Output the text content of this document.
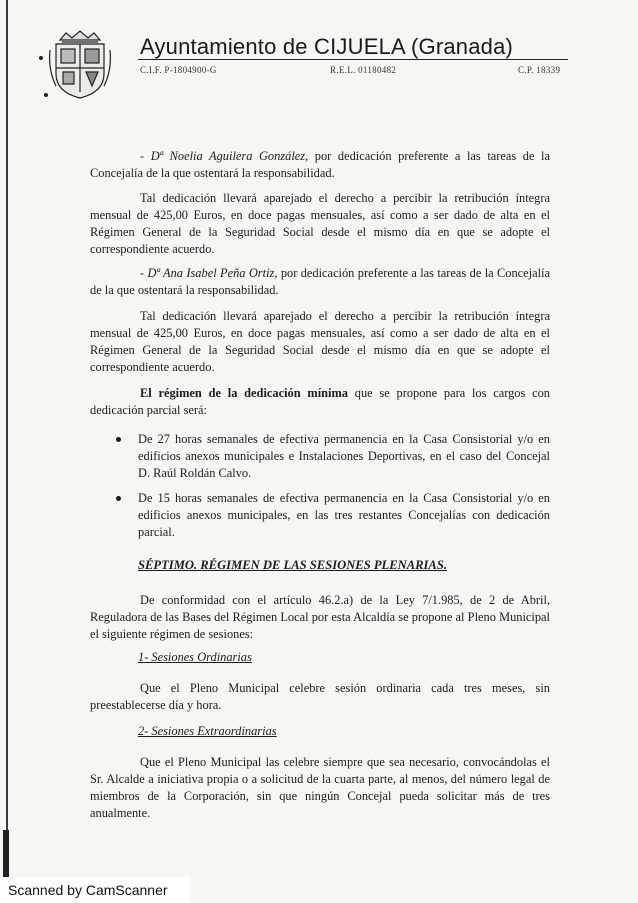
Ayuntamiento de CIJUELA (Granada)
C.I.F. P-1804900-G	R.E.L. 01180482	C.P. 18339

- Dª Noelia Aguilera González, por dedicación preferente a las tareas de la Concejalía de la que ostentará la responsabilidad.

Tal dedicación llevará aparejado el derecho a percibir la retribución íntegra mensual de 425,00 Euros, en doce pagas mensuales, así como a ser dado de alta en el Régimen General de la Seguridad Social desde el mismo día en que se adopte el correspondiente acuerdo.

- Dª Ana Isabel Peña Ortiz, por dedicación preferente a las tareas de la Concejalía de la que ostentará la responsabilidad.

Tal dedicación llevará aparejado el derecho a percibir la retribución íntegra mensual de 425,00 Euros, en doce pagas mensuales, así como a ser dado de alta en el Régimen General de la Seguridad Social desde el mismo día en que se adopte el correspondiente acuerdo.

El régimen de la dedicación mínima que se propone para los cargos con dedicación parcial será:

De 27 horas semanales de efectiva permanencia en la Casa Consistorial y/o en edificios anexos municipales e Instalaciones Deportivas, en el caso del Concejal D. Raúl Roldán Calvo.

De 15 horas semanales de efectiva permanencia en la Casa Consistorial y/o en edificios anexos municipales, en las tres restantes Concejalías con dedicación parcial.

SÉPTIMO. RÉGIMEN DE LAS SESIONES PLENARIAS.

De conformidad con el artículo 46.2.a) de la Ley 7/1.985, de 2 de Abril, Reguladora de las Bases del Régimen Local por esta Alcaldía se propone al Pleno Municipal el siguiente régimen de sesiones:

1- Sesiones Ordinarias

Que el Pleno Municipal celebre sesión ordinaria cada tres meses, sin preestablecerse día y hora.

2- Sesiones Extraordinarias

Que el Pleno Municipal las celebre siempre que sea necesario, convocándolas el Sr. Alcalde a iniciativa propia o a solicitud de la cuarta parte, al menos, del número legal de miembros de la Corporación, sin que ningún Concejal pueda solicitar más de tres anualmente.

Scanned by CamScanner
